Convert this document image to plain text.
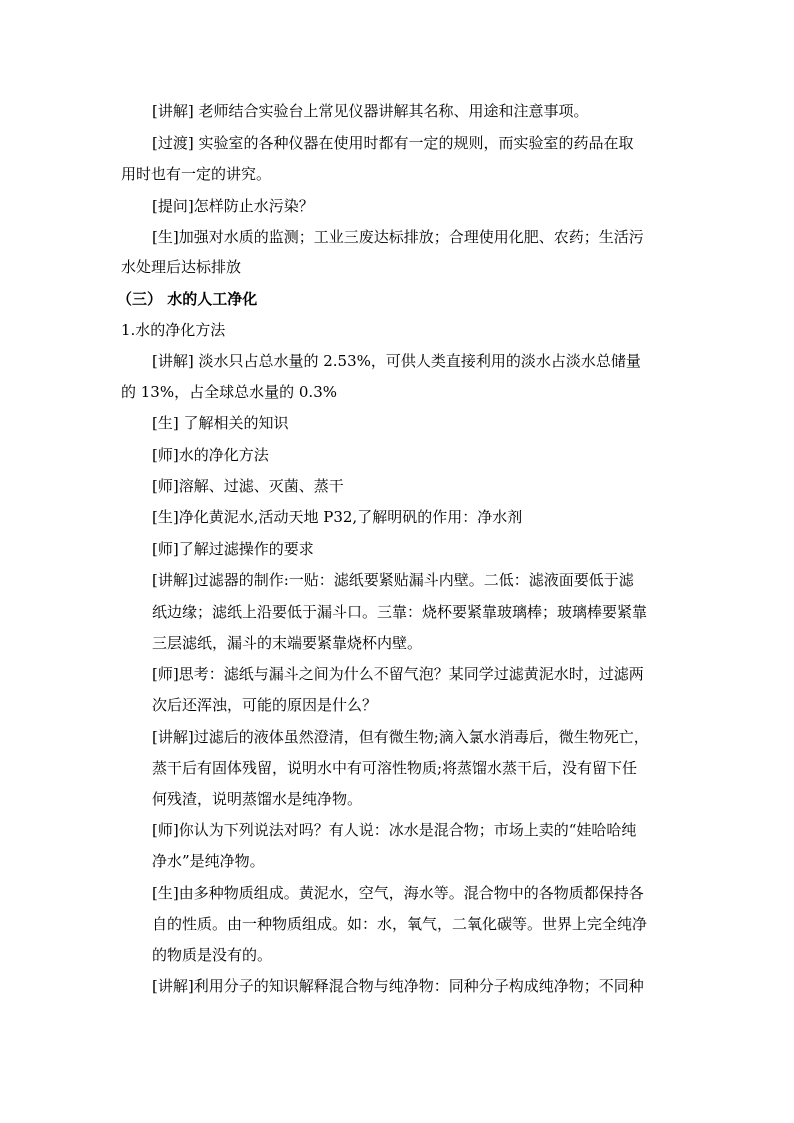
[讲解] 老师结合实验台上常见仪器讲解其名称、用途和注意事项。
[过渡] 实验室的各种仪器在使用时都有一定的规则，而实验室的药品在取
用时也有一定的讲究。
[提问]怎样防止水污染？
[生]加强对水质的监测；工业三废达标排放；合理使用化肥、农药；生活污
水处理后达标排放
（三） 水的人工净化
1.水的净化方法
[讲解] 淡水只占总水量的 2.53%，可供人类直接利用的淡水占淡水总储量
的 13%，占全球总水量的 0.3%
[生] 了解相关的知识
[师]水的净化方法
[师]溶解、过滤、灭菌、蒸干
[生]净化黄泥水,活动天地 P32,了解明矾的作用：净水剂
[师]了解过滤操作的要求
[讲解]过滤器的制作:一贴：滤纸要紧贴漏斗内壁。二低：滤液面要低于滤
纸边缘；滤纸上沿要低于漏斗口。三靠：烧杯要紧靠玻璃棒；玻璃棒要紧靠
三层滤纸，漏斗的末端要紧靠烧杯内壁。
[师]思考：滤纸与漏斗之间为什么不留气泡？某同学过滤黄泥水时，过滤两
次后还浑浊，可能的原因是什么？
[讲解]过滤后的液体虽然澄清，但有微生物;滴入氯水消毒后，微生物死亡，
蒸干后有固体残留，说明水中有可溶性物质;将蒸馏水蒸干后，没有留下任
何残渣，说明蒸馏水是纯净物。
[师]你认为下列说法对吗？有人说：冰水是混合物；市场上卖的“娃哈哈纯
净水”是纯净物。
[生]由多种物质组成。黄泥水，空气，海水等。混合物中的各物质都保持各
自的性质。由一种物质组成。如：水，氧气，二氧化碳等。世界上完全纯净
的物质是没有的。
[讲解]利用分子的知识解释混合物与纯净物：同种分子构成纯净物；不同种
